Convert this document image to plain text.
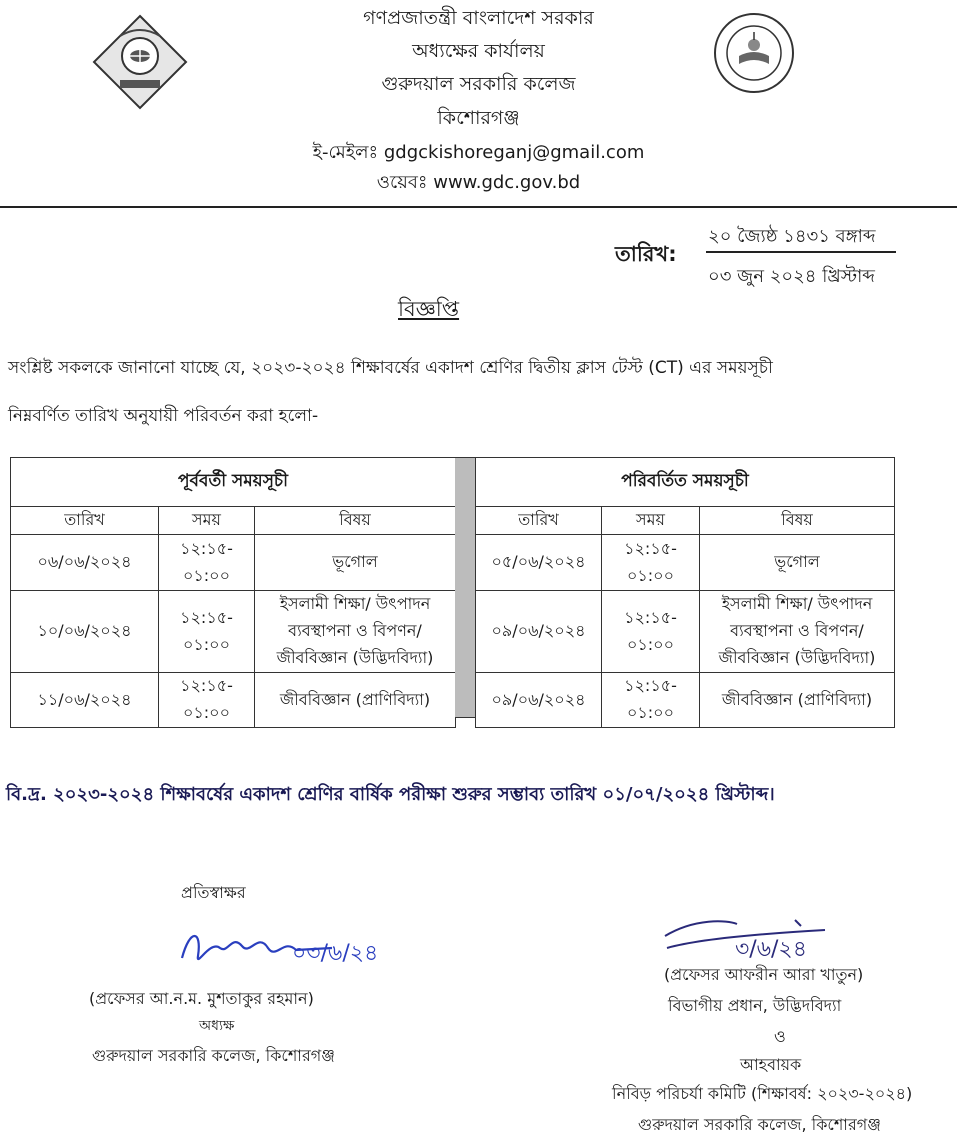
গণপ্রজাতন্ত্রী বাংলাদেশ সরকার
অধ্যক্ষের কার্যালয়
গুরুদয়াল সরকারি কলেজ
কিশোরগঞ্জ
ই-মেইলঃ gdgckishoreganj@gmail.com
ওয়েবঃ www.gdc.gov.bd
তারিখ:
২০ জ্যৈষ্ঠ ১৪৩১ বঙ্গাব্দ
০৩ জুন ২০২৪ খ্রিস্টাব্দ
বিজ্ঞপ্তি
সংশ্লিষ্ট সকলকে জানানো যাচ্ছে যে, ২০২৩-২০২৪ শিক্ষাবর্ষের একাদশ শ্রেণির দ্বিতীয় ক্লাস টেস্ট (CT) এর সময়সূচী
নিম্নবর্ণিত তারিখ অনুযায়ী পরিবর্তন করা হলো-
পূর্ববর্তী সময়সূচী		
তারিখ	সময়	বিষয়
০৬/০৬/২০২৪	১২:১৫-
০১:০০	ভূগোল
১০/০৬/২০২৪	১২:১৫-
০১:০০	ইসলামী শিক্ষা/ উৎপাদন
ব্যবস্থাপনা ও বিপণন/
জীববিজ্ঞান (উদ্ভিদবিদ্যা)
১১/০৬/২০২৪	১২:১৫-
০১:০০	জীববিজ্ঞান (প্রাণিবিদ্যা)
পরিবর্তিত সময়সূচী		
তারিখ	সময়	বিষয়
০৫/০৬/২০২৪	১২:১৫-
০১:০০	ভূগোল
০৯/০৬/২০২৪	১২:১৫-
০১:০০	ইসলামী শিক্ষা/ উৎপাদন
ব্যবস্থাপনা ও বিপণন/
জীববিজ্ঞান (উদ্ভিদবিদ্যা)
০৯/০৬/২০২৪	১২:১৫-
০১:০০	জীববিজ্ঞান (প্রাণিবিদ্যা)
বি.দ্র. ২০২৩-২০২৪ শিক্ষাবর্ষের একাদশ শ্রেণির বার্ষিক পরীক্ষা শুরুর সম্ভাব্য তারিখ ০১/০৭/২০২৪ খ্রিস্টাব্দ।
প্রতিস্বাক্ষর
০৩/৬/২৪
(প্রফেসর আ.ন.ম. মুশতাকুর রহমান)
অধ্যক্ষ
গুরুদয়াল সরকারি কলেজ, কিশোরগঞ্জ
৩/৬/২৪
(প্রফেসর আফরীন আরা খাতুন)
বিভাগীয় প্রধান, উদ্ভিদবিদ্যা
ও
আহবায়ক
নিবিড় পরিচর্যা কমিটি (শিক্ষাবর্ষ: ২০২৩-২০২৪)
গুরুদয়াল সরকারি কলেজ, কিশোরগঞ্জ
